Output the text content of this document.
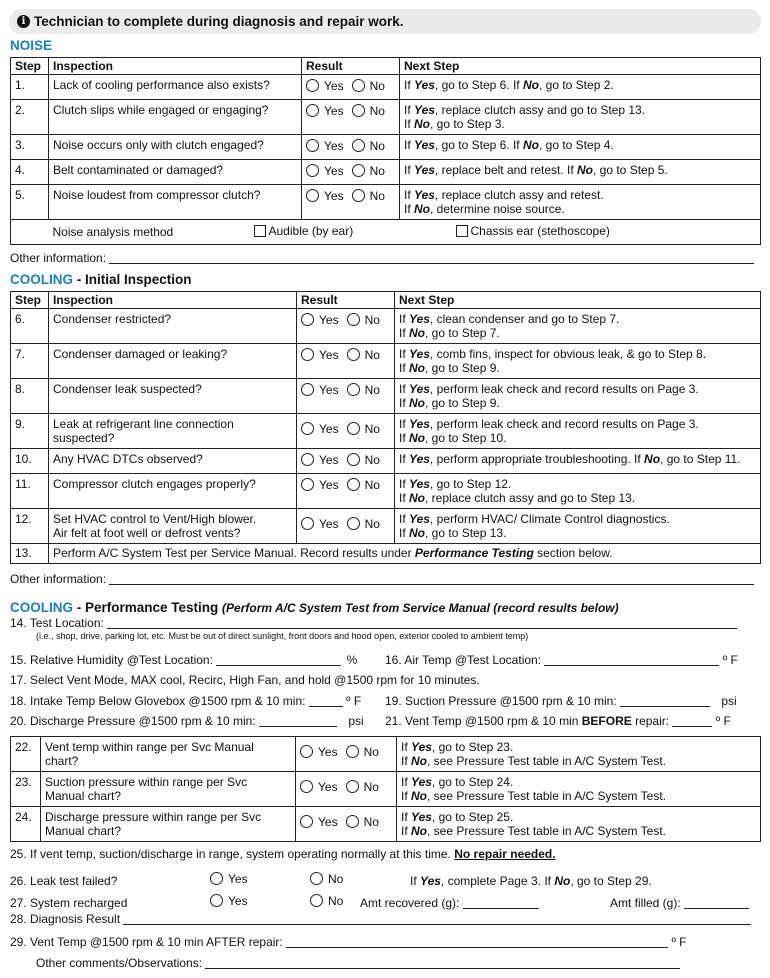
i Technician to complete during diagnosis and repair work.
NOISE
Step	Inspection	Result	Next Step
1.	Lack of cooling performance also exists?	Yes No	If Yes, go to Step 6. If No, go to Step 2.
2.	Clutch slips while engaged or engaging?	Yes No	If Yes, replace clutch assy and go to Step 13.
If No, go to Step 3.
3.	Noise occurs only with clutch engaged?	Yes No	If Yes, go to Step 6. If No, go to Step 4.
4.	Belt contaminated or damaged?	Yes No	If Yes, replace belt and retest. If No, go to Step 5.
5.	Noise loudest from compressor clutch?	Yes No	If Yes, replace clutch assy and retest.
If No, determine noise source.
	Noise analysis method Audible (by ear) Chassis ear (stethoscope)		
Other information:
COOLING - Initial Inspection
Step	Inspection	Result	Next Step
6.	Condenser restricted?	Yes No	If Yes, clean condenser and go to Step 7.
If No, go to Step 7.
7.	Condenser damaged or leaking?	Yes No	If Yes, comb fins, inspect for obvious leak, & go to Step 8.
If No, go to Step 9.
8.	Condenser leak suspected?	Yes No	If Yes, perform leak check and record results on Page 3.
If No, go to Step 9.
9.	Leak at refrigerant line connection
suspected?	Yes No	If Yes, perform leak check and record results on Page 3.
If No, go to Step 10.
10.	Any HVAC DTCs observed?	Yes No	If Yes, perform appropriate troubleshooting. If No, go to Step 11.
11.	Compressor clutch engages properly?	Yes No	If Yes, go to Step 12.
If No, replace clutch assy and go to Step 13.
12.	Set HVAC control to Vent/High blower.
Air felt at foot well or defrost vents?	Yes No	If Yes, perform HVAC/ Climate Control diagnostics.
If No, go to Step 13.
13.	Perform A/C System Test per Service Manual. Record results under Performance Testing section below.		
Other information:
COOLING - Performance Testing (Perform A/C System Test from Service Manual (record results below)
14. Test Location:
(i.e., shop, drive, parking lot, etc. Must be out of direct sunlight, front doors and hood open, exterior cooled to ambient temp)
15. Relative Humidity @Test Location:	% 16. Air Temp @Test Location:	º F
17. Select Vent Mode, MAX cool, Recirc, High Fan, and hold @1500 rpm for 10 minutes.
18. Intake Temp Below Glovebox @1500 rpm & 10 min:	º F 19. Suction Pressure @1500 rpm & 10 min:	psi
20. Discharge Pressure @1500 rpm & 10 min:	psi 21. Vent Temp @1500 rpm & 10 min BEFORE repair:	º F
22.	Vent temp within range per Svc Manual
chart?	Yes No	If Yes, go to Step 23.
If No, see Pressure Test table in A/C System Test.
23.	Suction pressure within range per Svc
Manual chart?	Yes No	If Yes, go to Step 24.
If No, see Pressure Test table in A/C System Test.
24.	Discharge pressure within range per Svc
Manual chart?	Yes No	If Yes, go to Step 25.
If No, see Pressure Test table in A/C System Test.
25. If vent temp, suction/discharge in range, system operating normally at this time. No repair needed.
26. Leak test failed?	Yes	No	If Yes, complete Page 3. If No, go to Step 29.
27. System recharged	Yes	No Amt recovered (g):	Amt filled (g):
28. Diagnosis Result
29. Vent Temp @1500 rpm & 10 min AFTER repair:	º F
Other comments/Observations:
